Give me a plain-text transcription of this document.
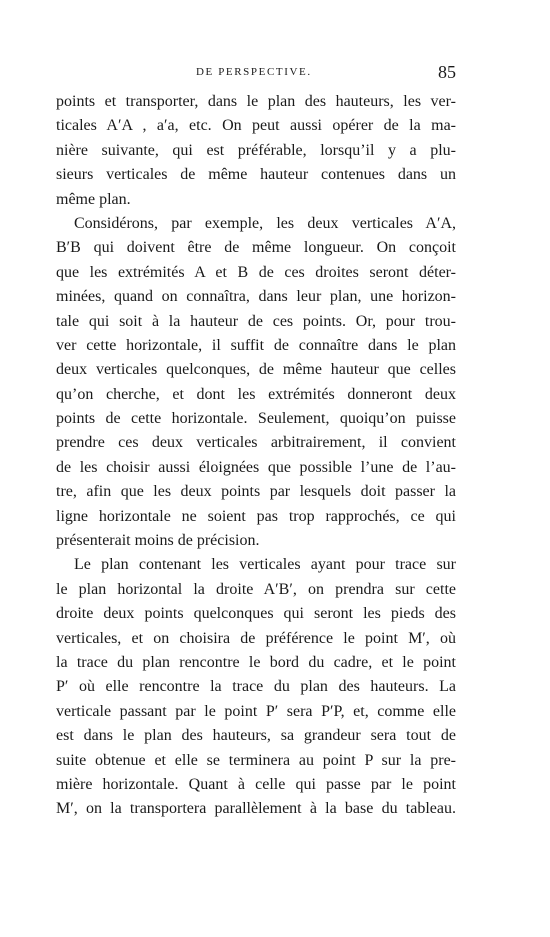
DE PERSPECTIVE.	85
points et transporter, dans le plan des hauteurs, les ver-
ticales A′A , a′a, etc. On peut aussi opérer de la ma-
nière suivante, qui est préférable, lorsqu’il y a plu-
sieurs verticales de même hauteur contenues dans un
même plan.
Considérons, par exemple, les deux verticales A′A,
B′B qui doivent être de même longueur. On conçoit
que les extrémités A et B de ces droites seront déter-
minées, quand on connaîtra, dans leur plan, une horizon-
tale qui soit à la hauteur de ces points. Or, pour trou-
ver cette horizontale, il suffit de connaître dans le plan
deux verticales quelconques, de même hauteur que celles
qu’on cherche, et dont les extrémités donneront deux
points de cette horizontale. Seulement, quoiqu’on puisse
prendre ces deux verticales arbitrairement, il convient
de les choisir aussi éloignées que possible l’une de l’au-
tre, afin que les deux points par lesquels doit passer la
ligne horizontale ne soient pas trop rapprochés, ce qui
présenterait moins de précision.
Le plan contenant les verticales ayant pour trace sur
le plan horizontal la droite A′B′, on prendra sur cette
droite deux points quelconques qui seront les pieds des
verticales, et on choisira de préférence le point M′, où
la trace du plan rencontre le bord du cadre, et le point
P′ où elle rencontre la trace du plan des hauteurs. La
verticale passant par le point P′ sera P′P, et, comme elle
est dans le plan des hauteurs, sa grandeur sera tout de
suite obtenue et elle se terminera au point P sur la pre-
mière horizontale. Quant à celle qui passe par le point
M′, on la transportera parallèlement à la base du tableau.
